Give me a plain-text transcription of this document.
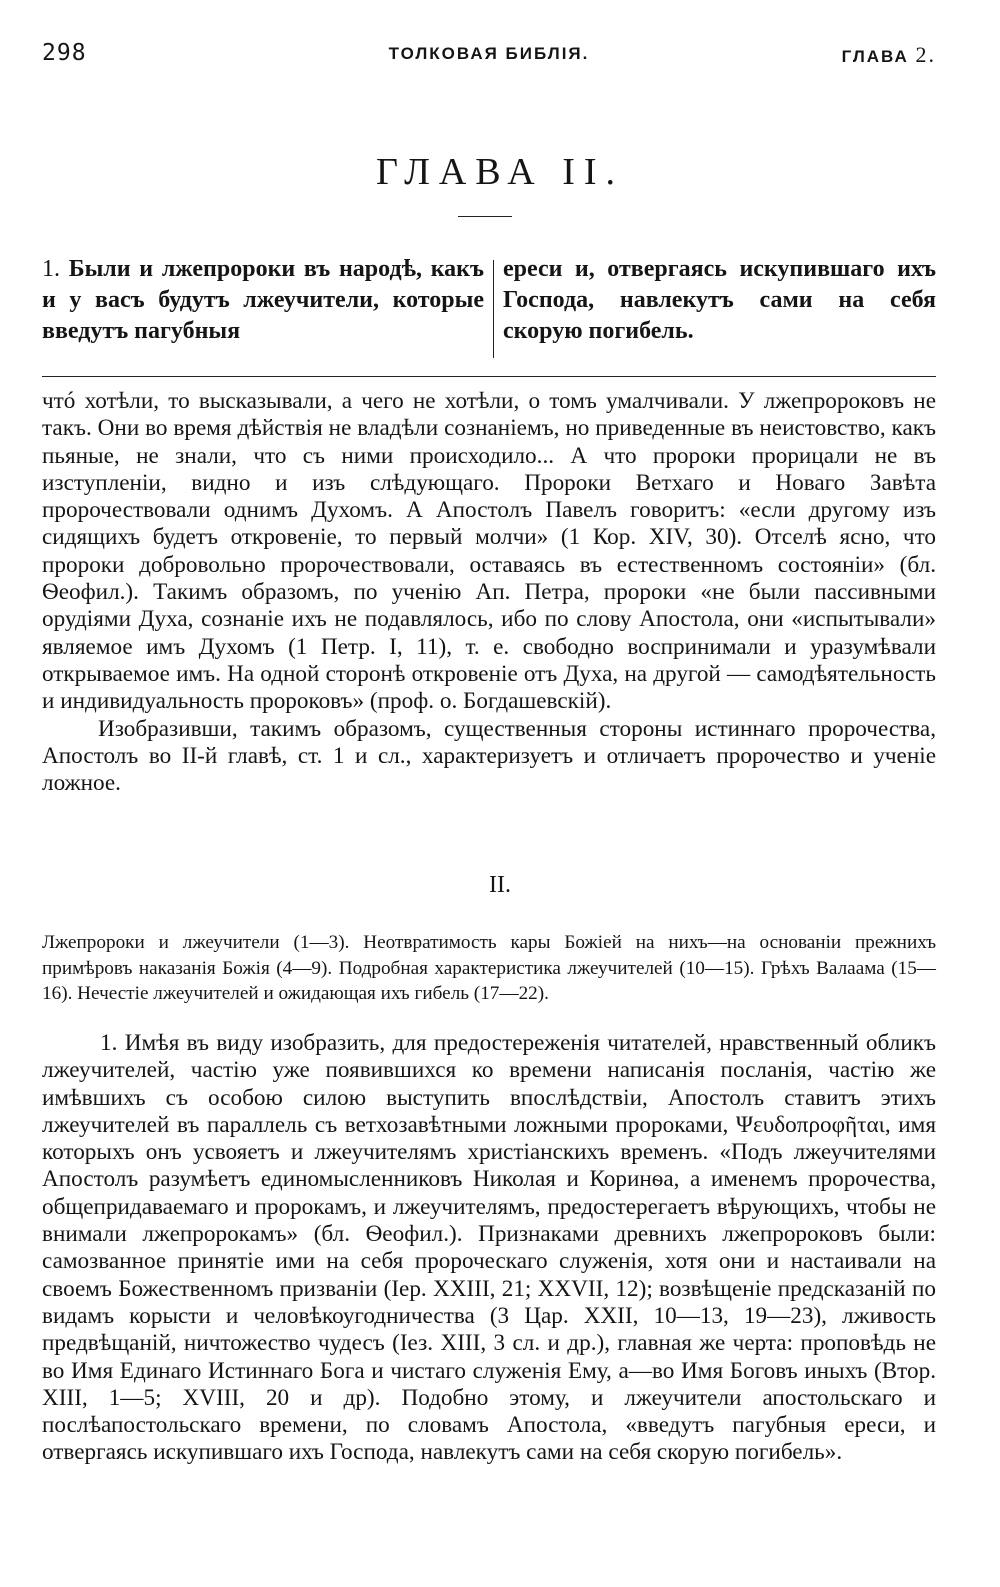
298	ТОЛКОВАЯ БИБЛІЯ.	ГЛАВА 2.
ГЛАВА II.
1. Были и лжепророки въ народѣ, какъ и у васъ будутъ лжеучители, которые введутъ пагубныя
ереси и, отвергаясь искупившаго ихъ Господа, навлекутъ сами на себя скорую погибель.

чтó хотѣли, то высказывали, а чего не хотѣли, о томъ умалчивали. У лжепророковъ не такъ. Они во время дѣйствія не владѣли сознаніемъ, но приведенные въ неистовство, какъ пьяные, не знали, что съ ними происходило... А что пророки прорицали не въ изступленіи, видно и изъ слѣдующаго. Пророки Ветхаго и Новаго Завѣта пророчествовали однимъ Духомъ. А Апостолъ Павелъ говоритъ: «если другому изъ сидящихъ будетъ откровеніе, то первый молчи» (1 Кор. XIV, 30). Отселѣ ясно, что пророки добровольно пророчествовали, оставаясь въ естественномъ состояніи» (бл. Ѳеофил.). Такимъ образомъ, по ученію Ап. Петра, пророки «не были пассивными орудіями Духа, сознаніе ихъ не подавлялось, ибо по слову Апостола, они «испытывали» являемое имъ Духомъ (1 Петр. I, 11), т. е. свободно воспринимали и уразумѣвали открываемое имъ. На одной сторонѣ откровеніе отъ Духа, на другой — самодѣятельность и индивидуальность пророковъ» (проф. о. Богдашевскій).

Изобразивши, такимъ образомъ, существенныя стороны истиннаго пророчества, Апостолъ во II-й главѣ, ст. 1 и сл., характеризуетъ и отличаетъ пророчество и ученіе ложное.

II.
Лжепророки и лжеучители (1—3). Неотвратимость кары Божіей на нихъ—на основаніи прежнихъ примѣровъ наказанія Божія (4—9). Подробная характеристика лжеучителей (10—15). Грѣхъ Валаама (15—16). Нечестіе лжеучителей и ожидающая ихъ гибель (17—22).

1. Имѣя въ виду изобразить, для предостереженія читателей, нравственный обликъ лжеучителей, частію уже появившихся ко времени написанія посланія, частію же имѣвшихъ съ особою силою выступить впослѣдствіи, Апостолъ ставитъ этихъ лжеучителей въ параллель съ ветхозавѣтными ложными пророками, Ψευδοπροφῆται, имя которыхъ онъ усвояетъ и лжеучителямъ христіанскихъ временъ. «Подъ лжеучителями Апостолъ разумѣетъ единомысленниковъ Николая и Коринѳа, а именемъ пророчества, общепридаваемаго и пророкамъ, и лжеучителямъ, предостерегаетъ вѣрующихъ, чтобы не внимали лжепророкамъ» (бл. Ѳеофил.). Признаками древнихъ лжепророковъ были: самозванное принятіе ими на себя пророческаго служенія, хотя они и настаивали на своемъ Божественномъ призваніи (Іер. XXIII, 21; XXVII, 12); возвѣщеніе предсказаній по видамъ корысти и человѣкоугодничества (3 Цар. XXII, 10—13, 19—23), лживость предвѣщаній, ничтожество чудесъ (Iез. XIII, 3 сл. и др.), главная же черта: проповѣдь не во Имя Единаго Истиннаго Бога и чистаго служенія Ему, а—во Имя Боговъ иныхъ (Втор. XIII, 1—5; XVIII, 20 и др). Подобно этому, и лжеучители апостольскаго и послѣапостольскаго времени, по словамъ Апостола, «введутъ пагубныя ереси, и отвергаясь искупившаго ихъ Господа, навлекутъ сами на себя скорую погибель».
